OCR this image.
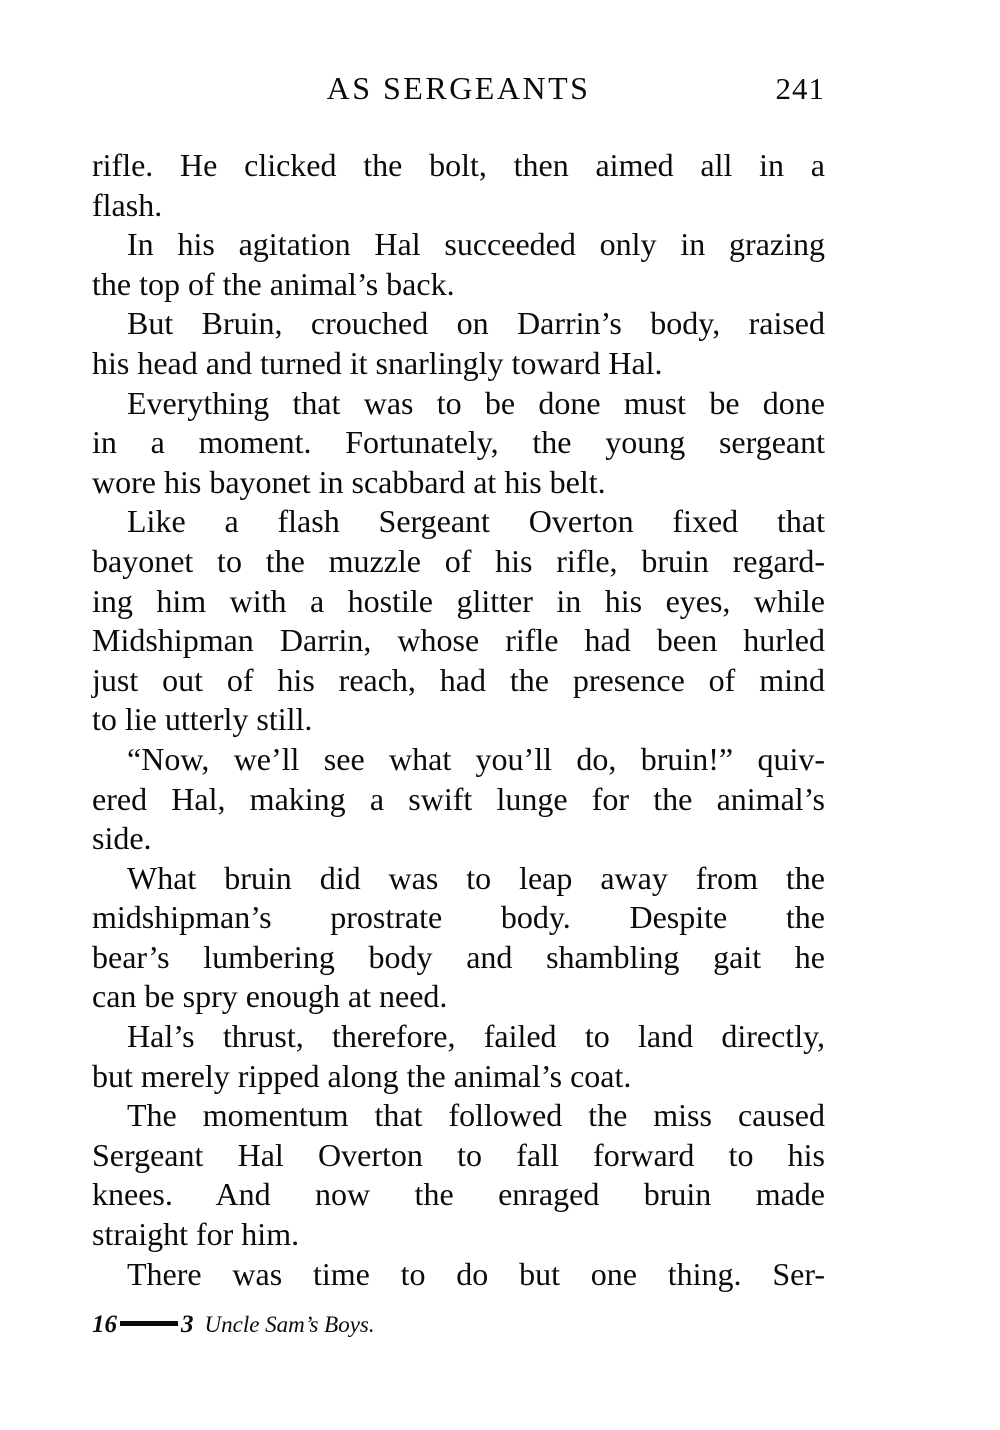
AS SERGEANTS	241
rifle. He clicked the bolt, then aimed all in a
flash.
In his agitation Hal succeeded only in grazing
the top of the animal’s back.
But Bruin, crouched on Darrin’s body, raised
his head and turned it snarlingly toward Hal.
Everything that was to be done must be done
in a moment. Fortunately, the young sergeant
wore his bayonet in scabbard at his belt.
Like a flash Sergeant Overton fixed that
bayonet to the muzzle of his rifle, bruin regard-
ing him with a hostile glitter in his eyes, while
Midshipman Darrin, whose rifle had been hurled
just out of his reach, had the presence of mind
to lie utterly still.
“Now, we’ll see what you’ll do, bruin!” quiv-
ered Hal, making a swift lunge for the animal’s
side.
What bruin did was to leap away from the
midshipman’s prostrate body. Despite the
bear’s lumbering body and shambling gait he
can be spry enough at need.
Hal’s thrust, therefore, failed to land directly,
but merely ripped along the animal’s coat.
The momentum that followed the miss caused
Sergeant Hal Overton to fall forward to his
knees. And now the enraged bruin made
straight for him.
There was time to do but one thing. Ser-
16	3 Uncle Sam’s Boys.
